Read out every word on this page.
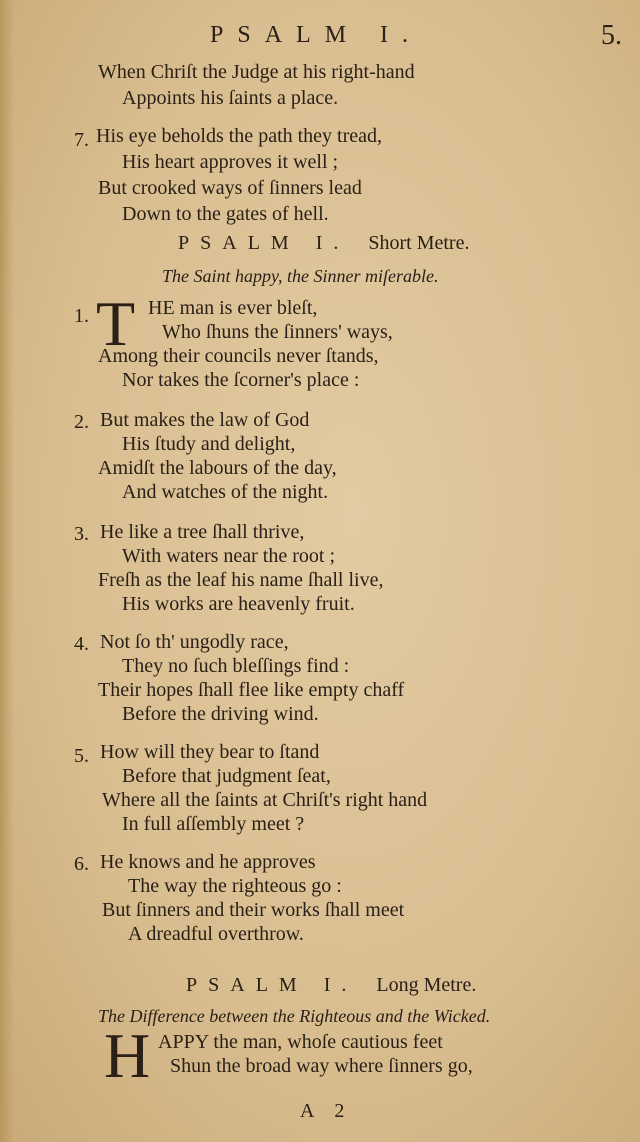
PSALM I.	5.
When Chriſt the Judge at his right-hand
Appoints his ſaints a place.
7. His eye beholds the path they tread,
His heart approves it well ;
But crooked ways of ſinners lead
Down to the gates of hell.
PSALM I. Short Metre.
The Saint happy, the Sinner miſerable.
1. T HE man is ever bleſt,
Who ſhuns the ſinners' ways,
Among their councils never ſtands,
Nor takes the ſcorner's place :
2. But makes the law of God
His ſtudy and delight,
Amidſt the labours of the day,
And watches of the night.
3. He like a tree ſhall thrive,
With waters near the root ;
Freſh as the leaf his name ſhall live,
His works are heavenly fruit.
4. Not ſo th' ungodly race,
They no ſuch bleſſings find :
Their hopes ſhall flee like empty chaff
Before the driving wind.
5. How will they bear to ſtand
Before that judgment ſeat,
Where all the ſaints at Chriſt's right hand
In full aſſembly meet ?
6. He knows and he approves
The way the righteous go :
But ſinners and their works ſhall meet
A dreadful overthrow.
PSALM I. Long Metre.
The Difference between the Righteous and the Wicked.
H APPY the man, whoſe cautious feet
Shun the broad way where ſinners go,
A 2
